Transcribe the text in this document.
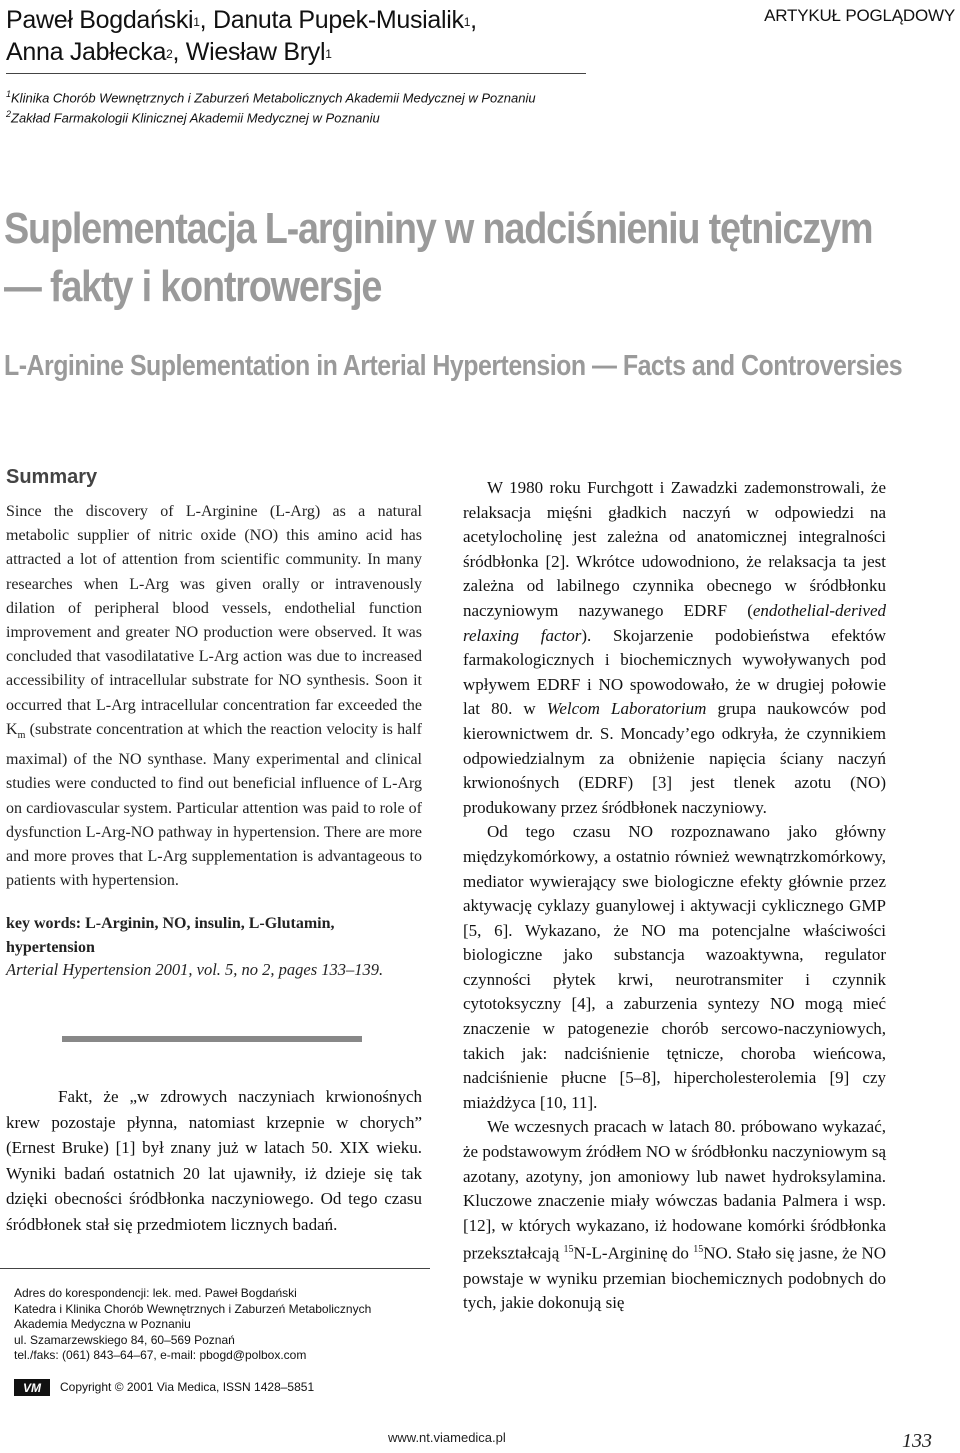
Paweł Bogdański$^1$, Danuta Pupek-Musialik$^1$,
Anna Jabłecka$^2$, Wiesław Bryl$^1$
ARTYKUŁ POGLĄDOWY
$^1$Klinika Chorób Wewnętrznych i Zaburzeń Metabolicznych Akademii Medycznej w Poznaniu
$^2$Zakład Farmakologii Klinicznej Akademii Medycznej w Poznaniu
Suplementacja L-argininy w nadciśnieniu tętniczym
— fakty i kontrowersje
L-Arginine Suplementation in Arterial Hypertension — Facts and Controversies
Summary

Since the discovery of L-Arginine (L-Arg) as a natural metabolic supplier of nitric oxide (NO) this amino acid has attracted a lot of attention from scientific community. In many researches when L-Arg was given orally or intravenously dilation of peripheral blood vessels, endothelial function improvement and greater NO production were observed. It was concluded that vasodilatative L-Arg action was due to increased accessibility of intracellular substrate for NO synthesis. Soon it occurred that L-Arg intracellular concentration far exceeded the $K_m$ (substrate concentration at which the reaction velocity is half maximal) of the NO synthase. Many experimental and clinical studies were conducted to find out beneficial influence of L-Arg on cardiovascular system. Particular attention was paid to role of dysfunction L-Arg-NO pathway in hypertension. There are more and more proves that L-Arg supplementation is advantageous to patients with hypertension.

key words: L-Arginin, NO, insulin, L-Glutamin, hypertension
Arterial Hypertension 2001, vol. 5, no 2, pages 133–139.

Fakt, że „w zdrowych naczyniach krwionośnych krew pozostaje płynna, natomiast krzepnie w chorych” (Ernest Bruke) [1] był znany już w latach 50. XIX wieku. Wyniki badań ostatnich 20 lat ujawniły, iż dzieje się tak dzięki obecności śródbłonka naczyniowego. Od tego czasu śródbłonek stał się przedmiotem licznych badań.

Adres do korespondencji: lek. med. Paweł Bogdański
Katedra i Klinika Chorób Wewnętrznych i Zaburzeń Metabolicznych
Akademia Medyczna w Poznaniu
ul. Szamarzewskiego 84, 60–569 Poznań
tel./faks: (061) 843–64–67, e-mail: pbogd@polbox.com
VM Copyright © 2001 Via Medica, ISSN 1428–5851

W 1980 roku Furchgott i Zawadzki zademonstrowali, że relaksacja mięśni gładkich naczyń w odpowiedzi na acetylocholinę jest zależna od anatomicznej integralności śródbłonka [2]. Wkrótce udowodniono, że relaksacja ta jest zależna od labilnego czynnika obecnego w śródbłonku naczyniowym nazywanego EDRF (endothelial-derived relaxing factor). Skojarzenie podobieństwa efektów farmakologicznych i biochemicznych wywoływanych pod wpływem EDRF i NO spowodowało, że w drugiej połowie lat 80. w Welcom Laboratorium grupa naukowców pod kierownictwem dr. S. Moncady’ego odkryła, że czynnikiem odpowiedzialnym za obniżenie napięcia ściany naczyń krwionośnych (EDRF) [3] jest tlenek azotu (NO) produkowany przez śródbłonek naczyniowy.

Od tego czasu NO rozpoznawano jako główny międzykomórkowy, a ostatnio również wewnątrzkomórkowy, mediator wywierający swe biologiczne efekty głównie przez aktywację cyklazy guanylowej i aktywacji cyklicznego GMP [5, 6]. Wykazano, że NO ma potencjalne właściwości biologiczne jako substancja wazoaktywna, regulator czynności płytek krwi, neurotransmiter i czynnik cytotoksyczny [4], a zaburzenia syntezy NO mogą mieć znaczenie w patogenezie chorób sercowo-naczyniowych, takich jak: nadciśnienie tętnicze, choroba wieńcowa, nadciśnienie płucne [5–8], hipercholesterolemia [9] czy miażdżyca [10, 11].

We wczesnych pracach w latach 80. próbowano wykazać, że podstawowym źródłem NO w śródbłonku naczyniowym są azotany, azotyny, jon amoniowy lub nawet hydroksylamina. Kluczowe znaczenie miały wówczas badania Palmera i wsp. [12], w których wykazano, iż hodowane komórki śródbłonka przekształcają $^{15}$N-L-Argininę do $^{15}$NO. Stało się jasne, że NO powstaje w wyniku przemian biochemicznych podobnych do tych, jakie dokonują się

www.nt.viamedica.pl	133
